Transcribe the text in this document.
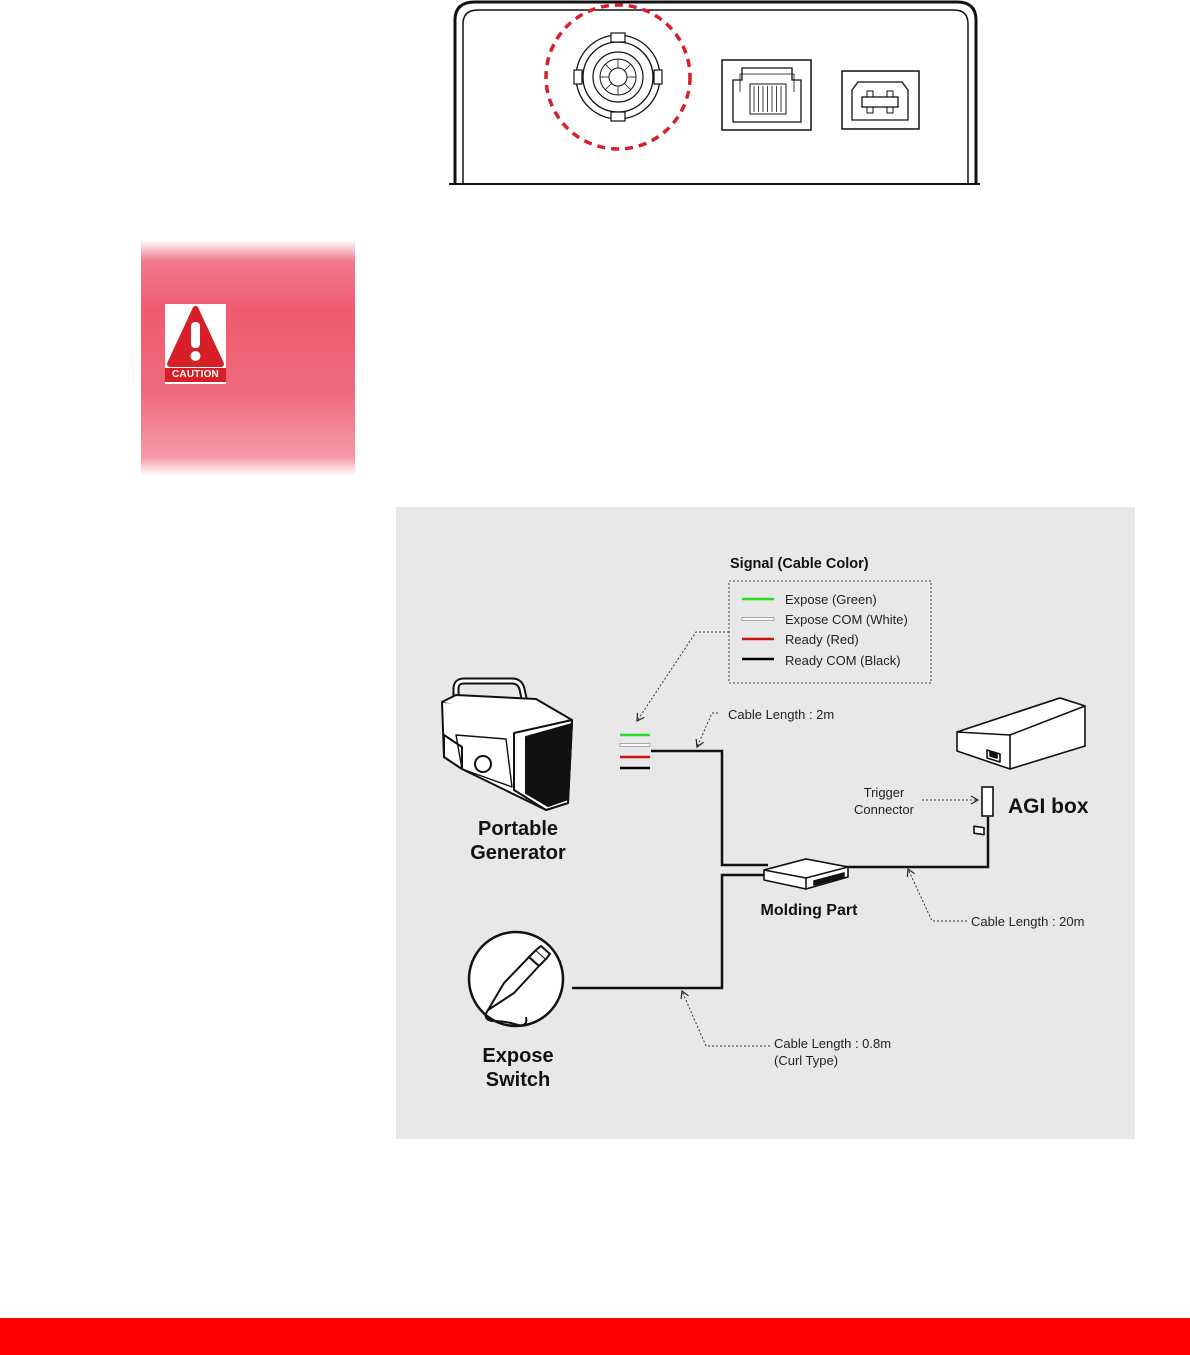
CAUTION
Signal (Cable Color)
Expose (Green)
Expose COM (White)
Ready (Red)
Ready COM (Black)
Portable
Generator
Cable Length : 2m
Molding Part
AGI box
Trigger
Connector
Cable Length : 20m
Expose
Switch
Cable Length : 0.8m
(Curl Type)
